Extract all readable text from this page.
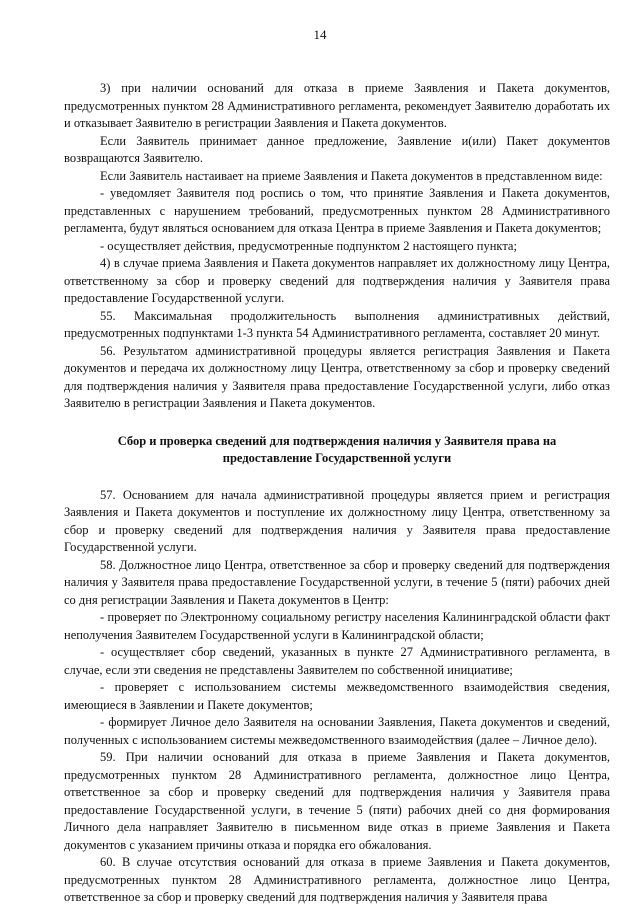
14

3) при наличии оснований для отказа в приеме Заявления и Пакета документов, предусмотренных пунктом 28 Административного регламента, рекомендует Заявителю доработать их и отказывает Заявителю в регистрации Заявления и Пакета документов.

Если Заявитель принимает данное предложение, Заявление и(или) Пакет документов возвращаются Заявителю.

Если Заявитель настаивает на приеме Заявления и Пакета документов в представленном виде:

- уведомляет Заявителя под роспись о том, что принятие Заявления и Пакета документов, представленных с нарушением требований, предусмотренных пунктом 28 Административного регламента, будут являться основанием для отказа Центра в приеме Заявления и Пакета документов;

- осуществляет действия, предусмотренные подпунктом 2 настоящего пункта;

4) в случае приема Заявления и Пакета документов направляет их должностному лицу Центра, ответственному за сбор и проверку сведений для подтверждения наличия у Заявителя права предоставление Государственной услуги.

55. Максимальная продолжительность выполнения административных действий, предусмотренных подпунктами 1-3 пункта 54 Административного регламента, составляет 20 минут.

56. Результатом административной процедуры является регистрация Заявления и Пакета документов и передача их должностному лицу Центра, ответственному за сбор и проверку сведений для подтверждения наличия у Заявителя права предоставление Государственной услуги, либо отказ Заявителю в регистрации Заявления и Пакета документов.

Сбор и проверка сведений для подтверждения наличия у Заявителя права на предоставление Государственной услуги

57. Основанием для начала административной процедуры является прием и регистрация Заявления и Пакета документов и поступление их должностному лицу Центра, ответственному за сбор и проверку сведений для подтверждения наличия у Заявителя права предоставление Государственной услуги.

58. Должностное лицо Центра, ответственное за сбор и проверку сведений для подтверждения наличия у Заявителя права предоставление Государственной услуги, в течение 5 (пяти) рабочих дней со дня регистрации Заявления и Пакета документов в Центр:

- проверяет по Электронному социальному регистру населения Калининградской области факт неполучения Заявителем Государственной услуги в Калининградской области;

- осуществляет сбор сведений, указанных в пункте 27 Административного регламента, в случае, если эти сведения не представлены Заявителем по собственной инициативе;

- проверяет с использованием системы межведомственного взаимодействия сведения, имеющиеся в Заявлении и Пакете документов;

- формирует Личное дело Заявителя на основании Заявления, Пакета документов и сведений, полученных с использованием системы межведомственного взаимодействия (далее – Личное дело).

59. При наличии оснований для отказа в приеме Заявления и Пакета документов, предусмотренных пунктом 28 Административного регламента, должностное лицо Центра, ответственное за сбор и проверку сведений для подтверждения наличия у Заявителя права предоставление Государственной услуги, в течение 5 (пяти) рабочих дней со дня формирования Личного дела направляет Заявителю в письменном виде отказ в приеме Заявления и Пакета документов с указанием причины отказа и порядка его обжалования.

60. В случае отсутствия оснований для отказа в приеме Заявления и Пакета документов, предусмотренных пунктом 28 Административного регламента, должностное лицо Центра, ответственное за сбор и проверку сведений для подтверждения наличия у Заявителя права
